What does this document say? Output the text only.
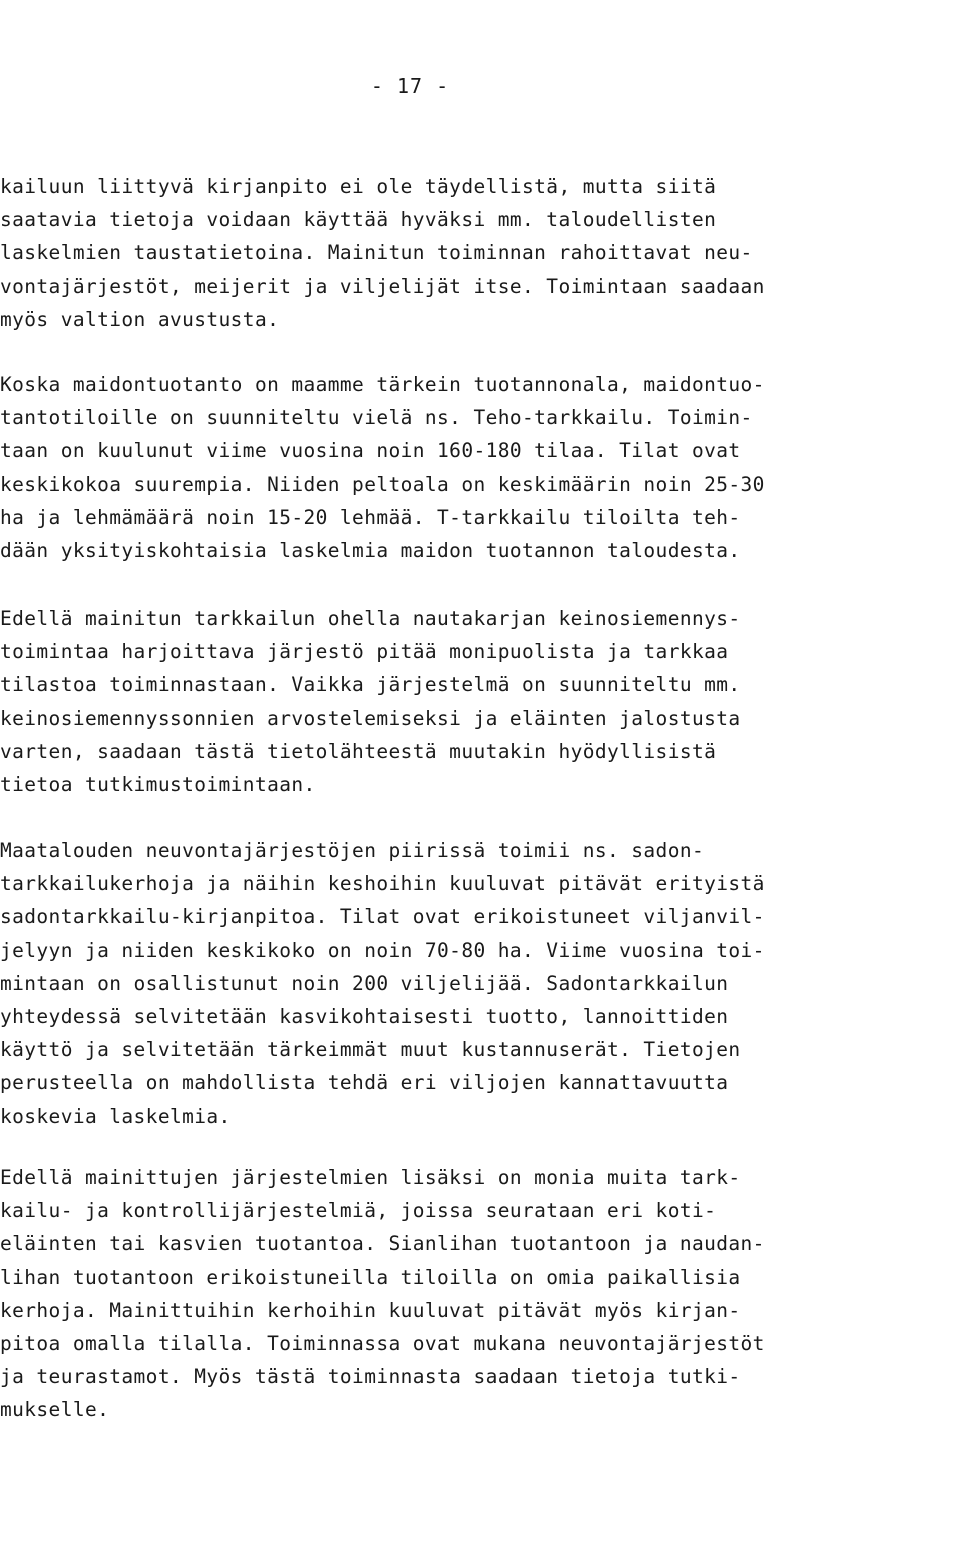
- 17 -
kailuun liittyvä kirjanpito ei ole täydellistä, mutta siitä
saatavia tietoja voidaan käyttää hyväksi mm. taloudellisten
laskelmien taustatietoina. Mainitun toiminnan rahoittavat neu-
vontajärjestöt, meijerit ja viljelijät itse. Toimintaan saadaan
myös valtion avustusta.
Koska maidontuotanto on maamme tärkein tuotannonala, maidontuo-
tantotiloille on suunniteltu vielä ns. Teho-tarkkailu. Toimin-
taan on kuulunut viime vuosina noin 160-180 tilaa. Tilat ovat
keskikokoa suurempia. Niiden peltoala on keskimäärin noin 25-30
ha ja lehmämäärä noin 15-20 lehmää. T-tarkkailu tiloilta teh-
dään yksityiskohtaisia laskelmia maidon tuotannon taloudesta.
Edellä mainitun tarkkailun ohella nautakarjan keinosiemennys-
toimintaa harjoittava järjestö pitää monipuolista ja tarkkaa
tilastoa toiminnastaan. Vaikka järjestelmä on suunniteltu mm.
keinosiemennyssonnien arvostelemiseksi ja eläinten jalostusta
varten, saadaan tästä tietolähteestä muutakin hyödyllisistä
tietoa tutkimustoimintaan.
Maatalouden neuvontajärjestöjen piirissä toimii ns. sadon-
tarkkailukerhoja ja näihin keshoihin kuuluvat pitävät erityistä
sadontarkkailu-kirjanpitoa. Tilat ovat erikoistuneet viljanvil-
jelyyn ja niiden keskikoko on noin 70-80 ha. Viime vuosina toi-
mintaan on osallistunut noin 200 viljelijää. Sadontarkkailun
yhteydessä selvitetään kasvikohtaisesti tuotto, lannoittiden
käyttö ja selvitetään tärkeimmät muut kustannuserät. Tietojen
perusteella on mahdollista tehdä eri viljojen kannattavuutta
koskevia laskelmia.
Edellä mainittujen järjestelmien lisäksi on monia muita tark-
kailu- ja kontrollijärjestelmiä, joissa seurataan eri koti-
eläinten tai kasvien tuotantoa. Sianlihan tuotantoon ja naudan-
lihan tuotantoon erikoistuneilla tiloilla on omia paikallisia
kerhoja. Mainittuihin kerhoihin kuuluvat pitävät myös kirjan-
pitoa omalla tilalla. Toiminnassa ovat mukana neuvontajärjestöt
ja teurastamot. Myös tästä toiminnasta saadaan tietoja tutki-
mukselle.
